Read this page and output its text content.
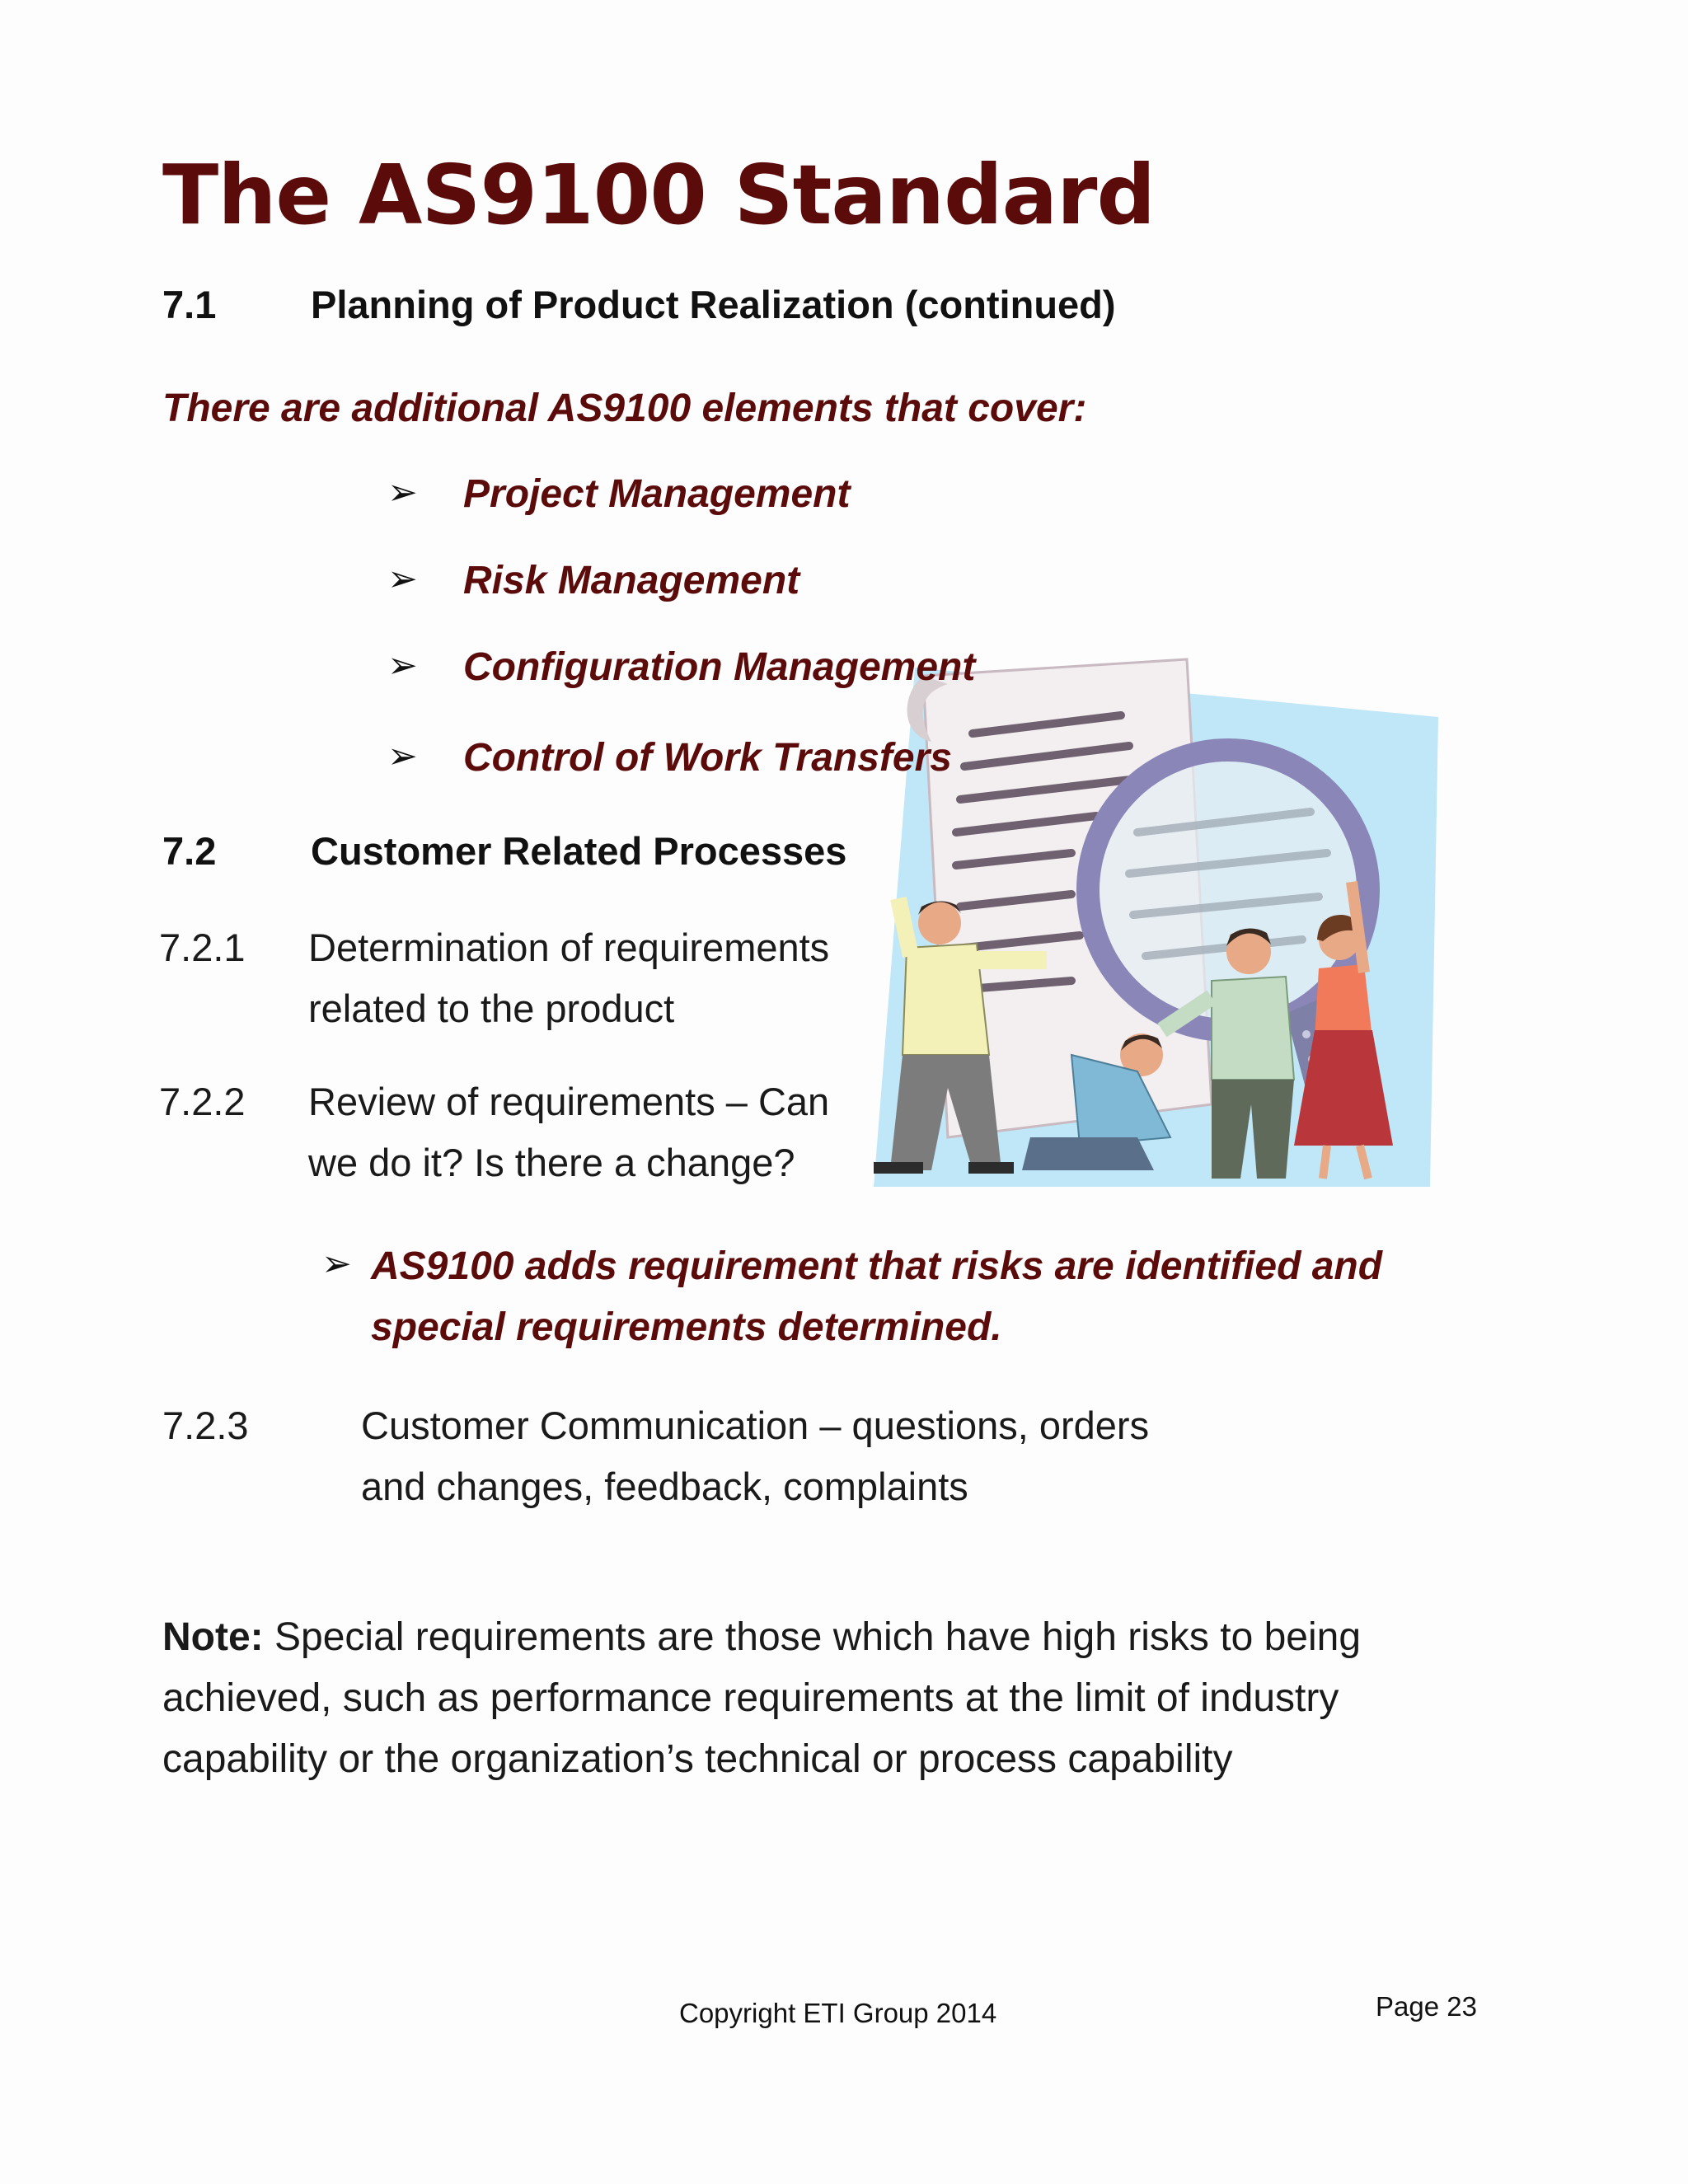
The AS9100 Standard
7.1 Planning of Product Realization (continued)
There are additional AS9100 elements that cover:
➢ Project Management
➢ Risk Management
➢ Configuration Management
➢ Control of Work Transfers
7.2 Customer Related Processes
7.2.1 Determination of requirements
related to the product
7.2.2 Review of requirements – Can
we do it? Is there a change?
➢ AS9100 adds requirement that risks are identified and
special requirements determined.
7.2.3	Customer Communication – questions, orders
and changes, feedback, complaints
Note: Special requirements are those which have high risks to being achieved, such as performance requirements at the limit of industry capability or the organization’s technical or process capability
Copyright ETI Group 2014	Page 23
